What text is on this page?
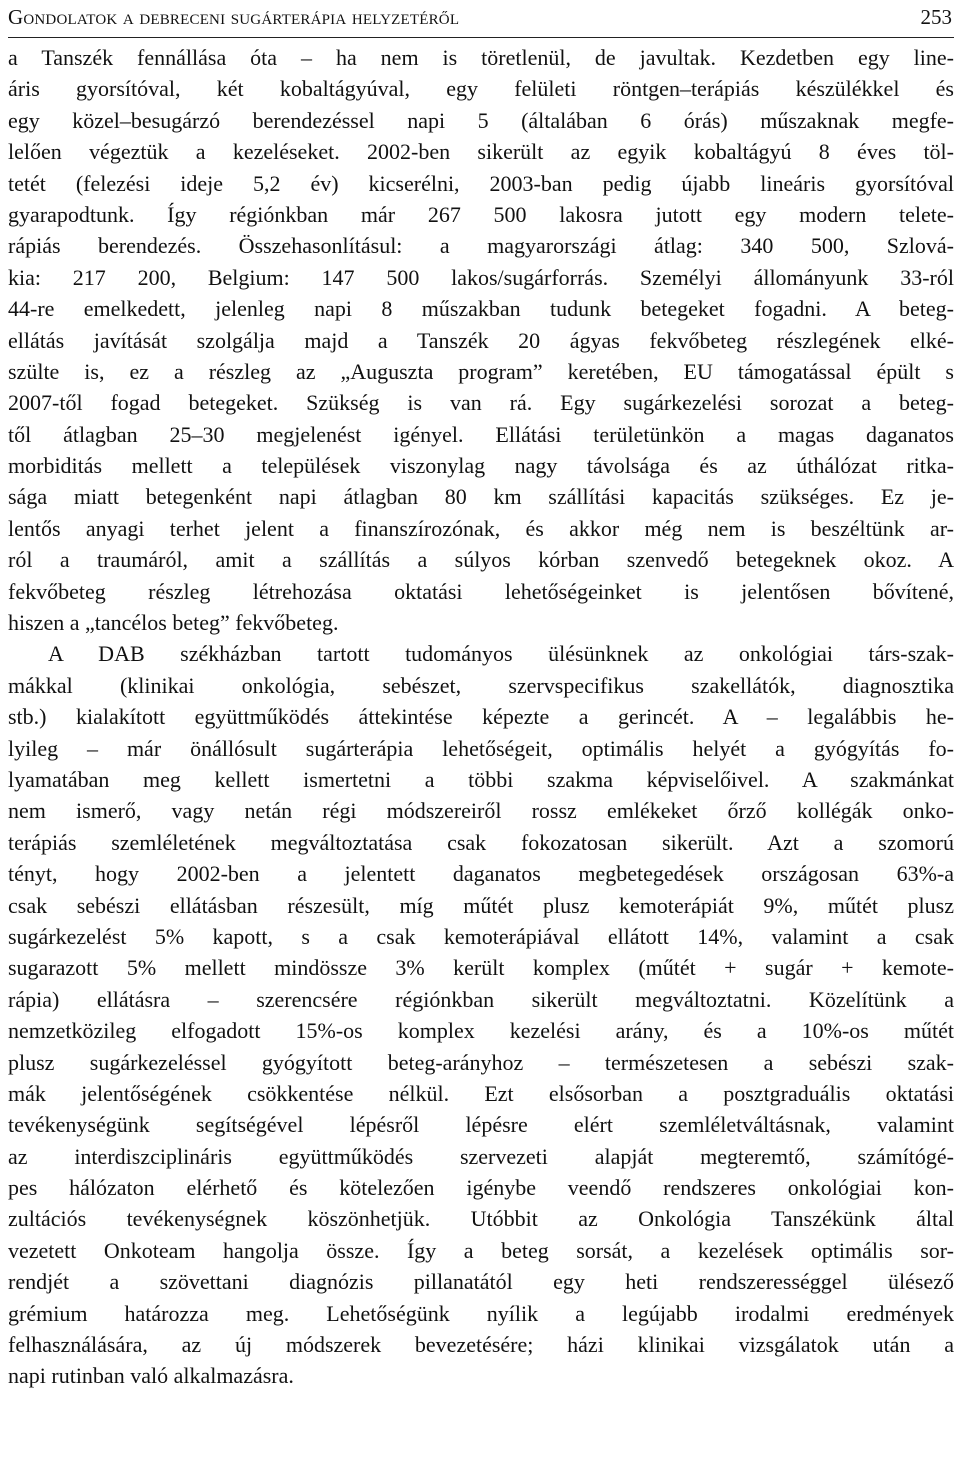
Gondolatok a debreceni sugárterápia helyzetéről	253
a Tanszék fennállása óta – ha nem is töretlenül, de javultak. Kezdetben egy line-
áris gyorsítóval, két kobaltágyúval, egy felületi röntgen–terápiás készülékkel és
egy közel–besugárzó berendezéssel napi 5 (általában 6 órás) műszaknak megfe-
lelően végeztük a kezeléseket. 2002-ben sikerült az egyik kobaltágyú 8 éves töl-
tetét (felezési ideje 5,2 év) kicserélni, 2003-ban pedig újabb lineáris gyorsítóval
gyarapodtunk. Így régiónkban már 267 500 lakosra jutott egy modern telete-
rápiás berendezés. Összehasonlításul: a magyarországi átlag: 340 500, Szlová-
kia: 217 200, Belgium: 147 500 lakos/sugárforrás. Személyi állományunk 33-ról
44-re emelkedett, jelenleg napi 8 műszakban tudunk betegeket fogadni. A beteg-
ellátás javítását szolgálja majd a Tanszék 20 ágyas fekvőbeteg részlegének elké-
szülte is, ez a részleg az „Auguszta program” keretében, EU támogatással épült s
2007-től fogad betegeket. Szükség is van rá. Egy sugárkezelési sorozat a beteg-
től átlagban 25–30 megjelenést igényel. Ellátási területünkön a magas daganatos
morbiditás mellett a települések viszonylag nagy távolsága és az úthálózat ritka-
sága miatt betegenként napi átlagban 80 km szállítási kapacitás szükséges. Ez je-
lentős anyagi terhet jelent a finanszírozónak, és akkor még nem is beszéltünk ar-
ról a traumáról, amit a szállítás a súlyos kórban szenvedő betegeknek okoz. A
fekvőbeteg részleg létrehozása oktatási lehetőségeinket is jelentősen bővítené,
hiszen a „tancélos beteg” fekvőbeteg.
A DAB székházban tartott tudományos ülésünknek az onkológiai társ-szak-
mákkal (klinikai onkológia, sebészet, szervspecifikus szakellátók, diagnosztika
stb.) kialakított együttműködés áttekintése képezte a gerincét. A – legalábbis he-
lyileg – már önállósult sugárterápia lehetőségeit, optimális helyét a gyógyítás fo-
lyamatában meg kellett ismertetni a többi szakma képviselőivel. A szakmánkat
nem ismerő, vagy netán régi módszereiről rossz emlékeket őrző kollégák onko-
terápiás szemléletének megváltoztatása csak fokozatosan sikerült. Azt a szomorú
tényt, hogy 2002-ben a jelentett daganatos megbetegedések országosan 63%-a
csak sebészi ellátásban részesült, míg műtét plusz kemoterápiát 9%, műtét plusz
sugárkezelést 5% kapott, s a csak kemoterápiával ellátott 14%, valamint a csak
sugarazott 5% mellett mindössze 3% került komplex (műtét + sugár + kemote-
rápia) ellátásra – szerencsére régiónkban sikerült megváltoztatni. Közelítünk a
nemzetközileg elfogadott 15%-os komplex kezelési arány, és a 10%-os műtét
plusz sugárkezeléssel gyógyított beteg-arányhoz – természetesen a sebészi szak-
mák jelentőségének csökkentése nélkül. Ezt elsősorban a posztgraduális oktatási
tevékenységünk segítségével lépésről lépésre elért szemléletváltásnak, valamint
az interdiszciplináris együttműködés szervezeti alapját megteremtő, számítógé-
pes hálózaton elérhető és kötelezően igénybe veendő rendszeres onkológiai kon-
zultációs tevékenységnek köszönhetjük. Utóbbit az Onkológia Tanszékünk által
vezetett Onkoteam hangolja össze. Így a beteg sorsát, a kezelések optimális sor-
rendjét a szövettani diagnózis pillanatától egy heti rendszerességgel ülésező
grémium határozza meg. Lehetőségünk nyílik a legújabb irodalmi eredmények
felhasználására, az új módszerek bevezetésére; házi klinikai vizsgálatok után a
napi rutinban való alkalmazásra.
